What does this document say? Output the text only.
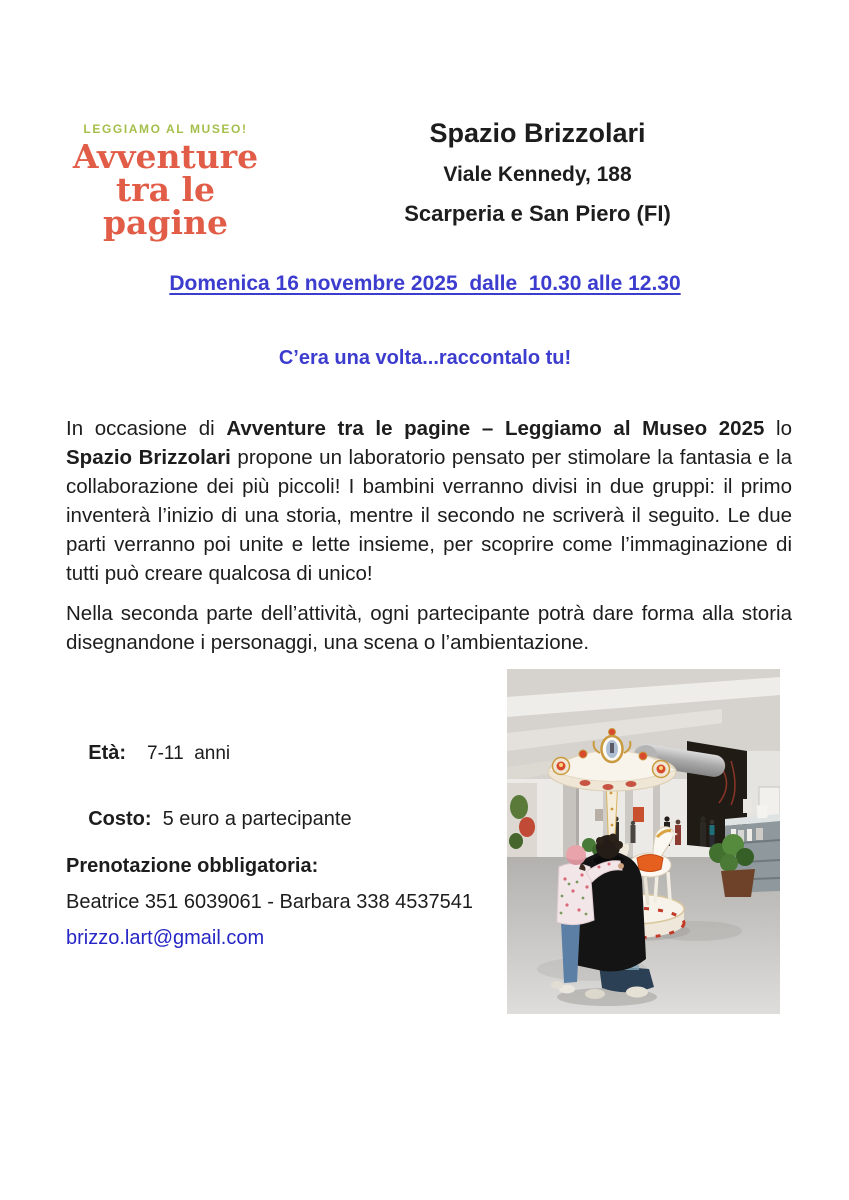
LEGGIAMO AL MUSEO!
Avventure
tra le pagine

Spazio Brizzolari

Viale Kennedy, 188

Scarperia e San Piero (FI)

Domenica 16 novembre 2025  dalle  10.30 alle 12.30
C’era una volta...raccontalo tu!

In occasione di Avventure tra le pagine – Leggiamo al Museo 2025 lo Spazio Brizzolari propone un laboratorio pensato per stimolare la fantasia e la collaborazione dei più piccoli! I bambini verranno divisi in due gruppi: il primo inventerà l’inizio di una storia, mentre il secondo ne scriverà il seguito. Le due parti verranno poi unite e lette insieme, per scoprire come l’immaginazione di tutti può creare qualcosa di unico!

Nella seconda parte dell’attività, ogni partecipante potrà dare forma alla storia disegnandone i personaggi, una scena o l’ambientazione.

Età: 7-11  anni

Costo: 5 euro a partecipante

Prenotazione obbligatoria:
Beatrice 351 6039061 - Barbara 338 4537541
brizzo.lart@gmail.com
